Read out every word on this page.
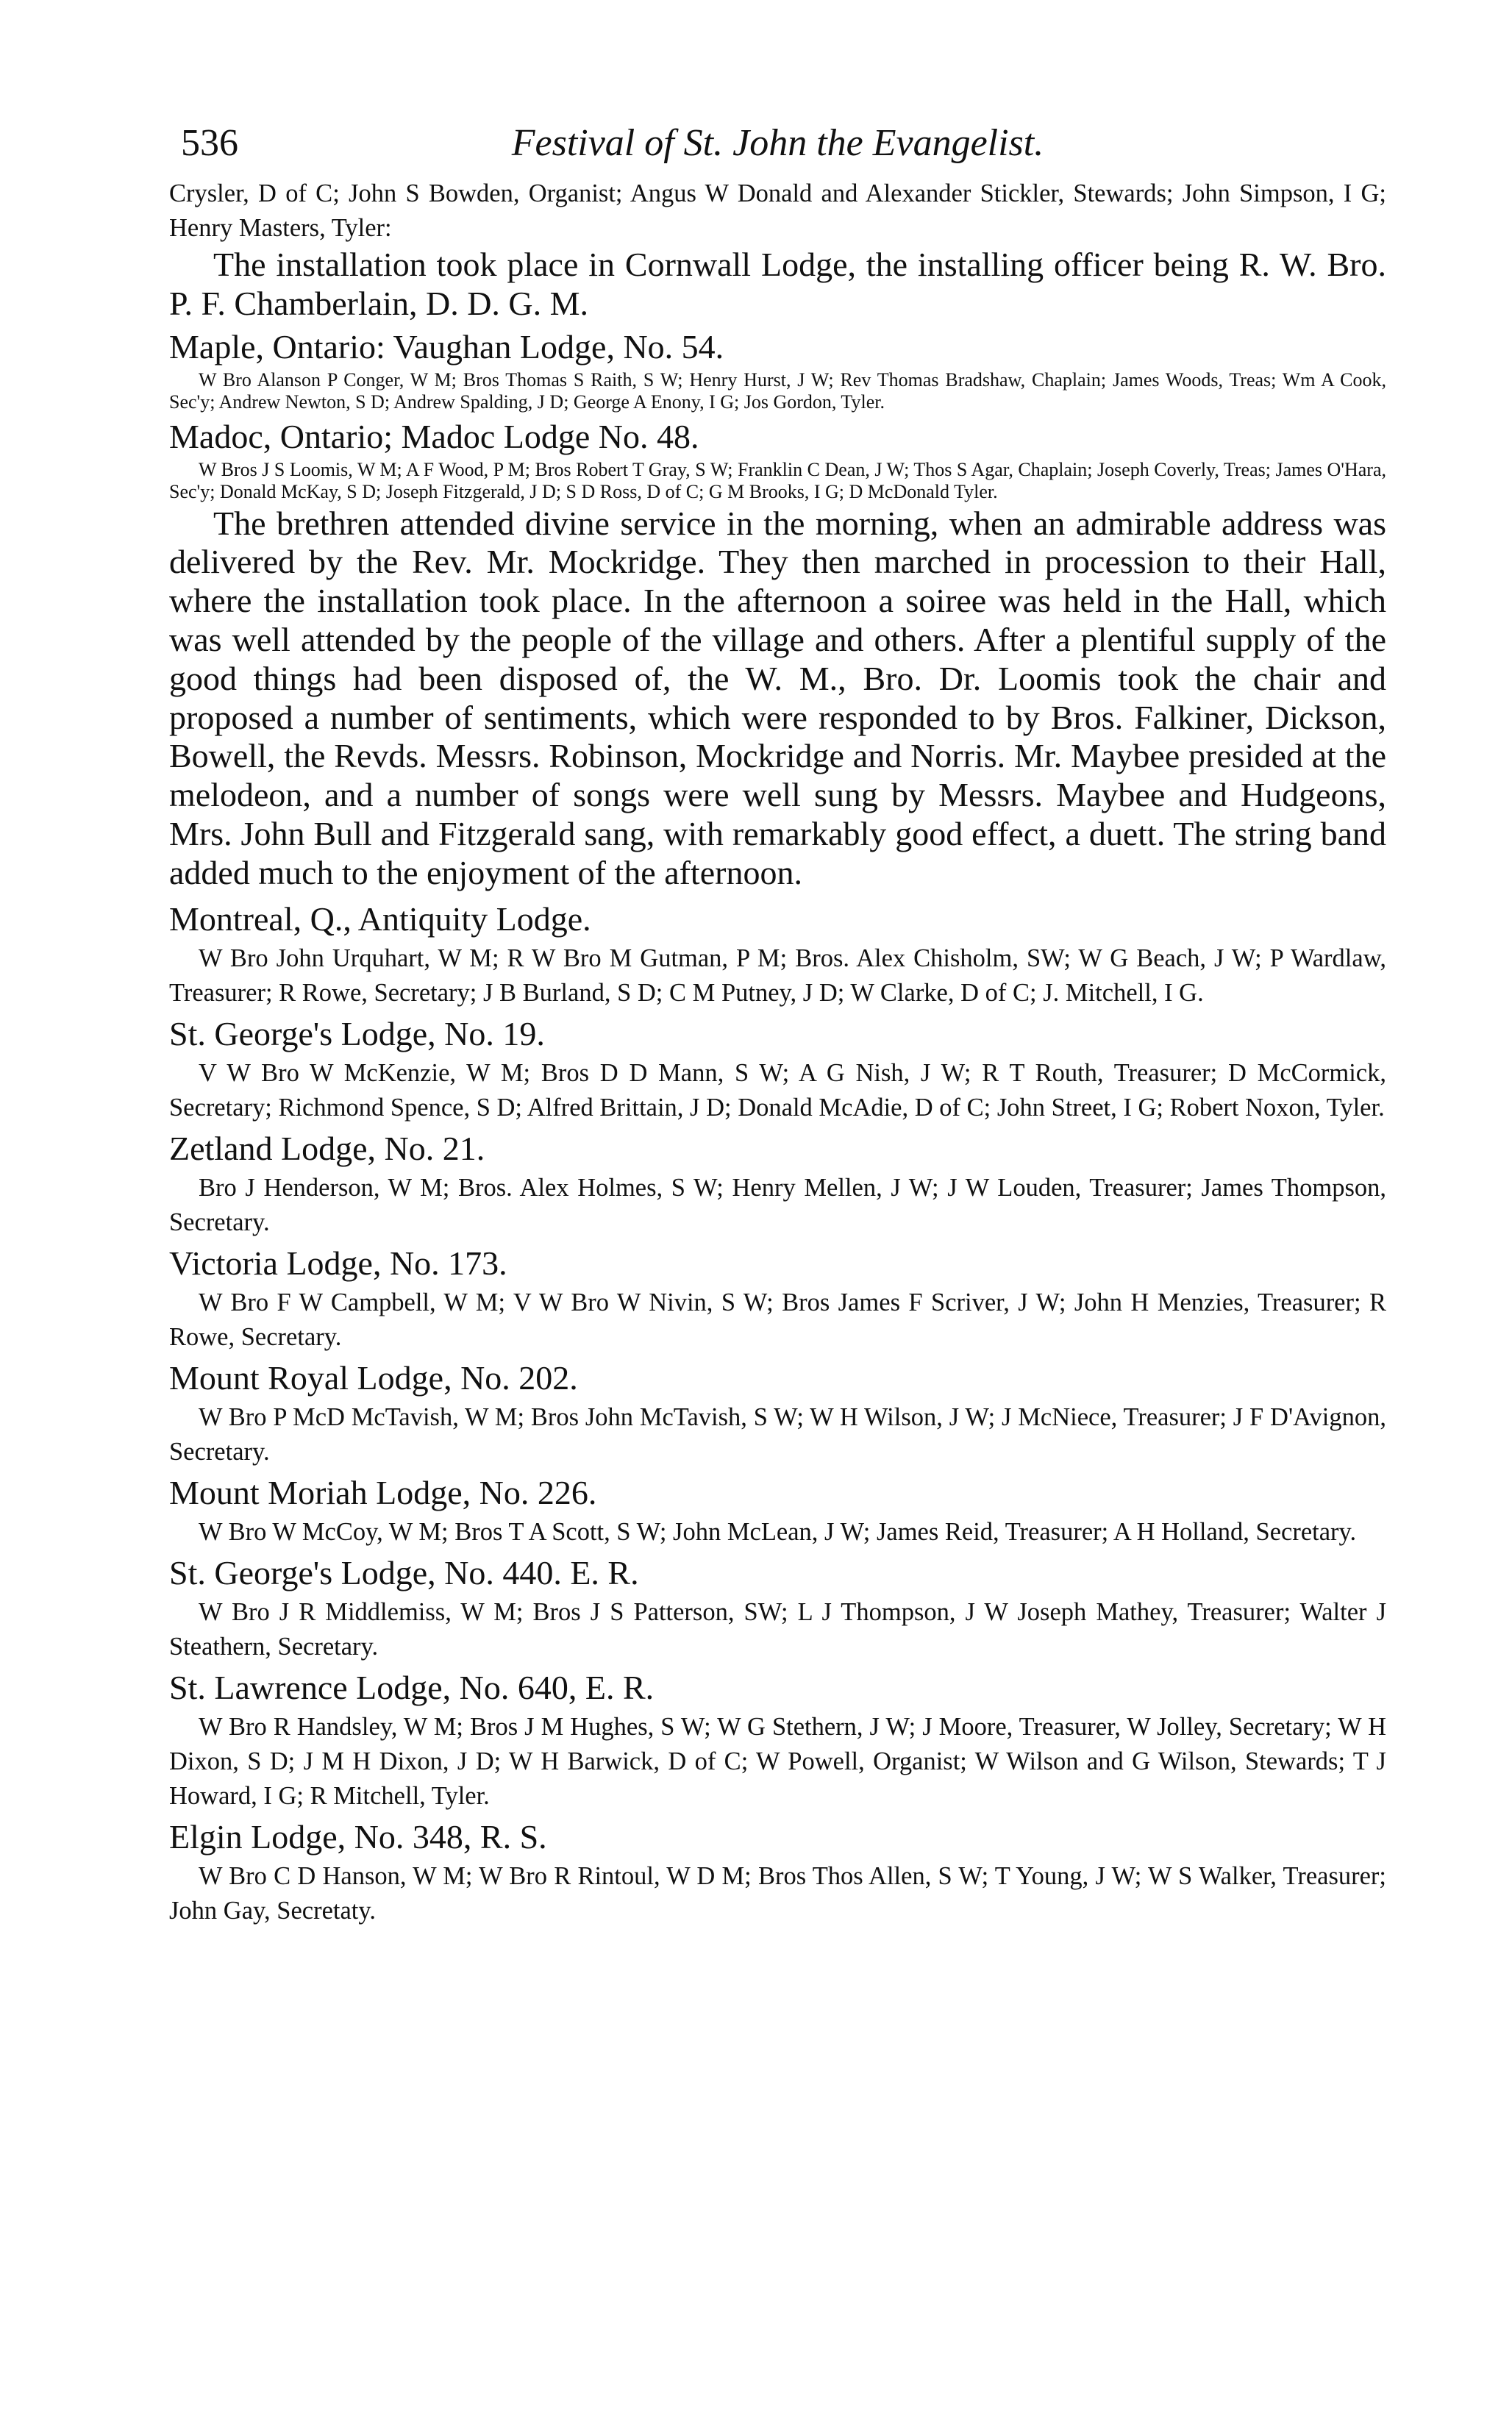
536	Festival of St. John the Evangelist.

Crysler, D of C; John S Bowden, Organist; Angus W Donald and Alexander Stickler, Stewards; John Simpson, I G; Henry Masters, Tyler:

The installation took place in Cornwall Lodge, the installing officer being R. W. Bro. P. F. Chamberlain, D. D. G. M.

Maple, Ontario: Vaughan Lodge, No. 54.

W Bro Alanson P Conger, W M; Bros Thomas S Raith, S W; Henry Hurst, J W; Rev Thomas Bradshaw, Chaplain; James Woods, Treas; Wm A Cook, Sec'y; Andrew Newton, S D; Andrew Spalding, J D; George A Enony, I G; Jos Gordon, Tyler.

Madoc, Ontario; Madoc Lodge No. 48.

W Bros J S Loomis, W M; A F Wood, P M; Bros Robert T Gray, S W; Franklin C Dean, J W; Thos S Agar, Chaplain; Joseph Coverly, Treas; James O'Hara, Sec'y; Donald McKay, S D; Joseph Fitzgerald, J D; S D Ross, D of C; G M Brooks, I G; D McDonald Tyler.

The brethren attended divine service in the morning, when an admirable address was delivered by the Rev. Mr. Mockridge. They then marched in procession to their Hall, where the installation took place. In the afternoon a soiree was held in the Hall, which was well attended by the people of the village and others. After a plentiful supply of the good things had been disposed of, the W. M., Bro. Dr. Loomis took the chair and proposed a number of sentiments, which were responded to by Bros. Falkiner, Dickson, Bowell, the Revds. Messrs. Robinson, Mockridge and Norris. Mr. Maybee presided at the melodeon, and a number of songs were well sung by Messrs. Maybee and Hudgeons, Mrs. John Bull and Fitzgerald sang, with remarkably good effect, a duett. The string band added much to the enjoyment of the afternoon.

Montreal, Q., Antiquity Lodge.

W Bro John Urquhart, W M; R W Bro M Gutman, P M; Bros. Alex Chisholm, SW; W G Beach, J W; P Wardlaw, Treasurer; R Rowe, Secretary; J B Burland, S D; C M Putney, J D; W Clarke, D of C; J. Mitchell, I G.

St. George's Lodge, No. 19.

V W Bro W McKenzie, W M; Bros D D Mann, S W; A G Nish, J W; R T Routh, Treasurer; D McCormick, Secretary; Richmond Spence, S D; Alfred Brittain, J D; Donald McAdie, D of C; John Street, I G; Robert Noxon, Tyler.

Zetland Lodge, No. 21.

Bro J Henderson, W M; Bros. Alex Holmes, S W; Henry Mellen, J W; J W Louden, Treasurer; James Thompson, Secretary.

Victoria Lodge, No. 173.

W Bro F W Campbell, W M; V W Bro W Nivin, S W; Bros James F Scriver, J W; John H Menzies, Treasurer; R Rowe, Secretary.

Mount Royal Lodge, No. 202.

W Bro P McD McTavish, W M; Bros John McTavish, S W; W H Wilson, J W; J McNiece, Treasurer; J F D'Avignon, Secretary.

Mount Moriah Lodge, No. 226.

W Bro W McCoy, W M; Bros T A Scott, S W; John McLean, J W; James Reid, Treasurer; A H Holland, Secretary.

St. George's Lodge, No. 440. E. R.

W Bro J R Middlemiss, W M; Bros J S Patterson, SW; L J Thompson, J W Joseph Mathey, Treasurer; Walter J Steathern, Secretary.

St. Lawrence Lodge, No. 640, E. R.

W Bro R Handsley, W M; Bros J M Hughes, S W; W G Stethern, J W; J Moore, Treasurer, W Jolley, Secretary; W H Dixon, S D; J M H Dixon, J D; W H Barwick, D of C; W Powell, Organist; W Wilson and G Wilson, Stewards; T J Howard, I G; R Mitchell, Tyler.

Elgin Lodge, No. 348, R. S.

W Bro C D Hanson, W M; W Bro R Rintoul, W D M; Bros Thos Allen, S W; T Young, J W; W S Walker, Treasurer; John Gay, Secretaty.
